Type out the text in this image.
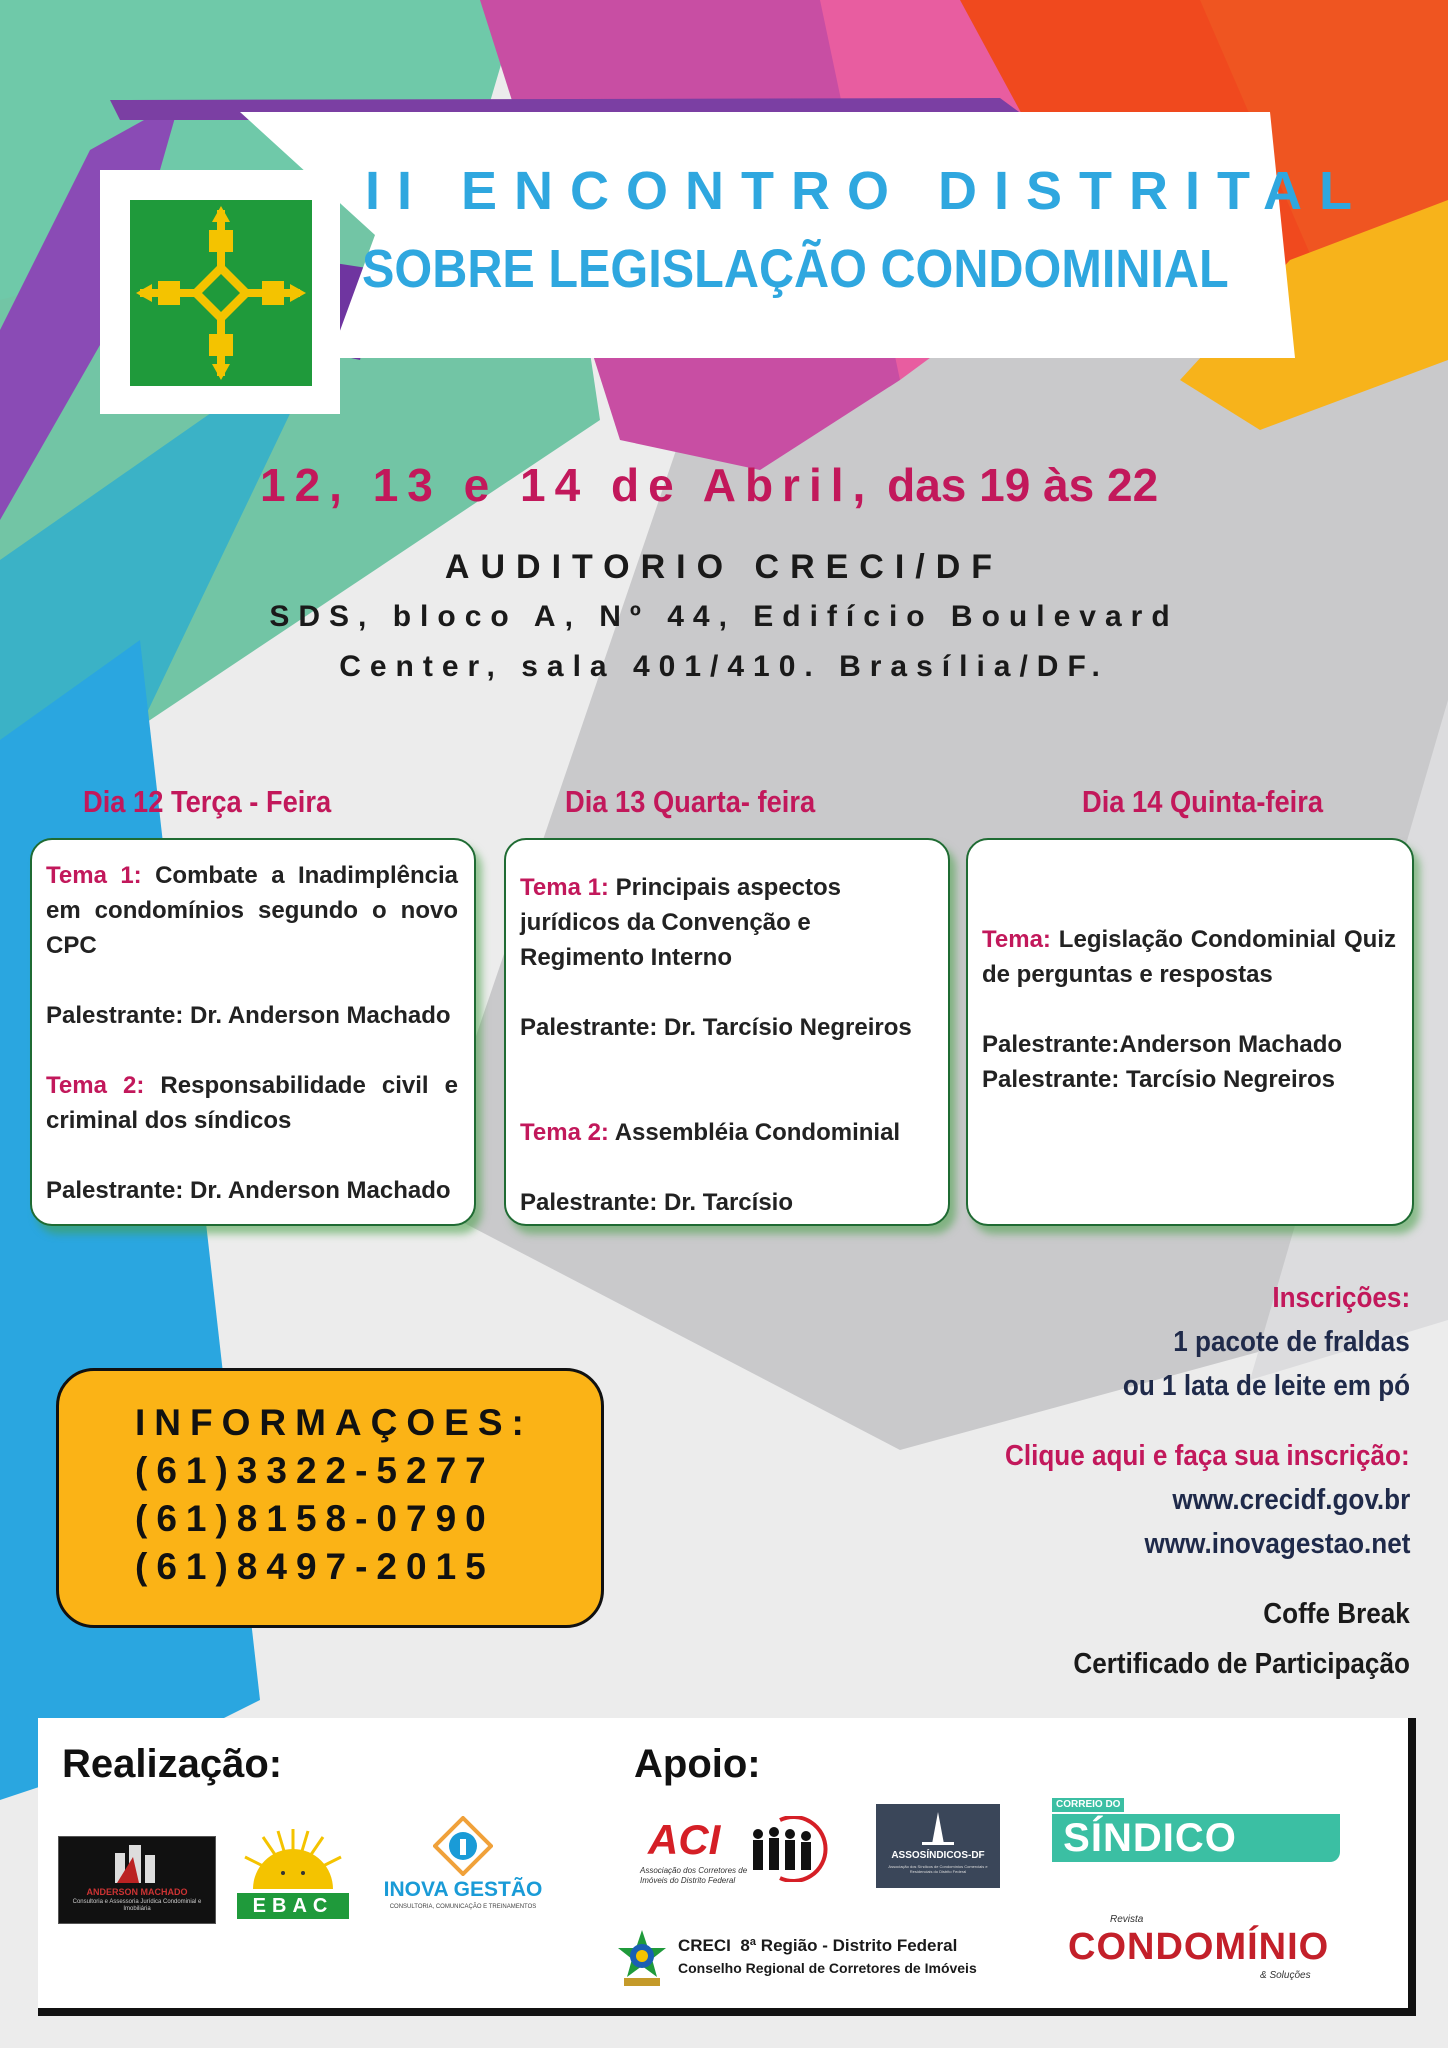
II ENCONTRO DISTRITAL
SOBRE LEGISLAÇÃO CONDOMINIAL
12, 13 e 14 de Abril, das 19 às 22
AUDITORIO CRECI/DF
SDS, bloco A, Nº 44, Edifício Boulevard
Center, sala 401/410. Brasília/DF.
Dia 12 Terça - Feira	Dia 13 Quarta- feira	Dia 14 Quinta-feira

Tema 1: Combate a Inadimplência em condomínios segundo o novo CPC

Palestrante: Dr. Anderson Machado

Tema 2: Responsabilidade civil e criminal dos síndicos

Palestrante: Dr. Anderson Machado

Tema 1: Principais aspectos jurídicos da Convenção e Regimento Interno

Palestrante: Dr. Tarcísio Negreiros

Tema 2: Assembléia Condominial

Palestrante: Dr. Tarcísio

Tema: Legislação Condominial Quiz de perguntas e respostas

Palestrante:Anderson Machado

Palestrante: Tarcísio Negreiros

Inscrições:
1 pacote de fraldas
ou 1 lata de leite em pó
Clique aqui e faça sua inscrição:
www.crecidf.gov.br
www.inovagestao.net
Coffe Break
Certificado de Participação
INFORMAÇOES:
(61)3322-5277
(61)8158-0790
(61)8497-2015
Realização:	Apoio:
ANDERSON MACHADO
Consultoria e Assessoria Jurídica Condominial e Imobiliária	EBAC
INOVA GESTÃO
CONSULTORIA, COMUNICAÇÃO E TREINAMENTOS
ACI
Associação dos Corretores de
Imóveis do Distrito Federal
ASSOSÍNDICOS-DF
Associação dos Síndicos de Condomínios Comerciais e Residenciais do Distrito Federal
CORREIO DO
SÍNDICO
CRECI  8ª Região - Distrito Federal
Conselho Regional de Corretores de Imóveis
Revista
CONDOMÍNIO
& Soluções
